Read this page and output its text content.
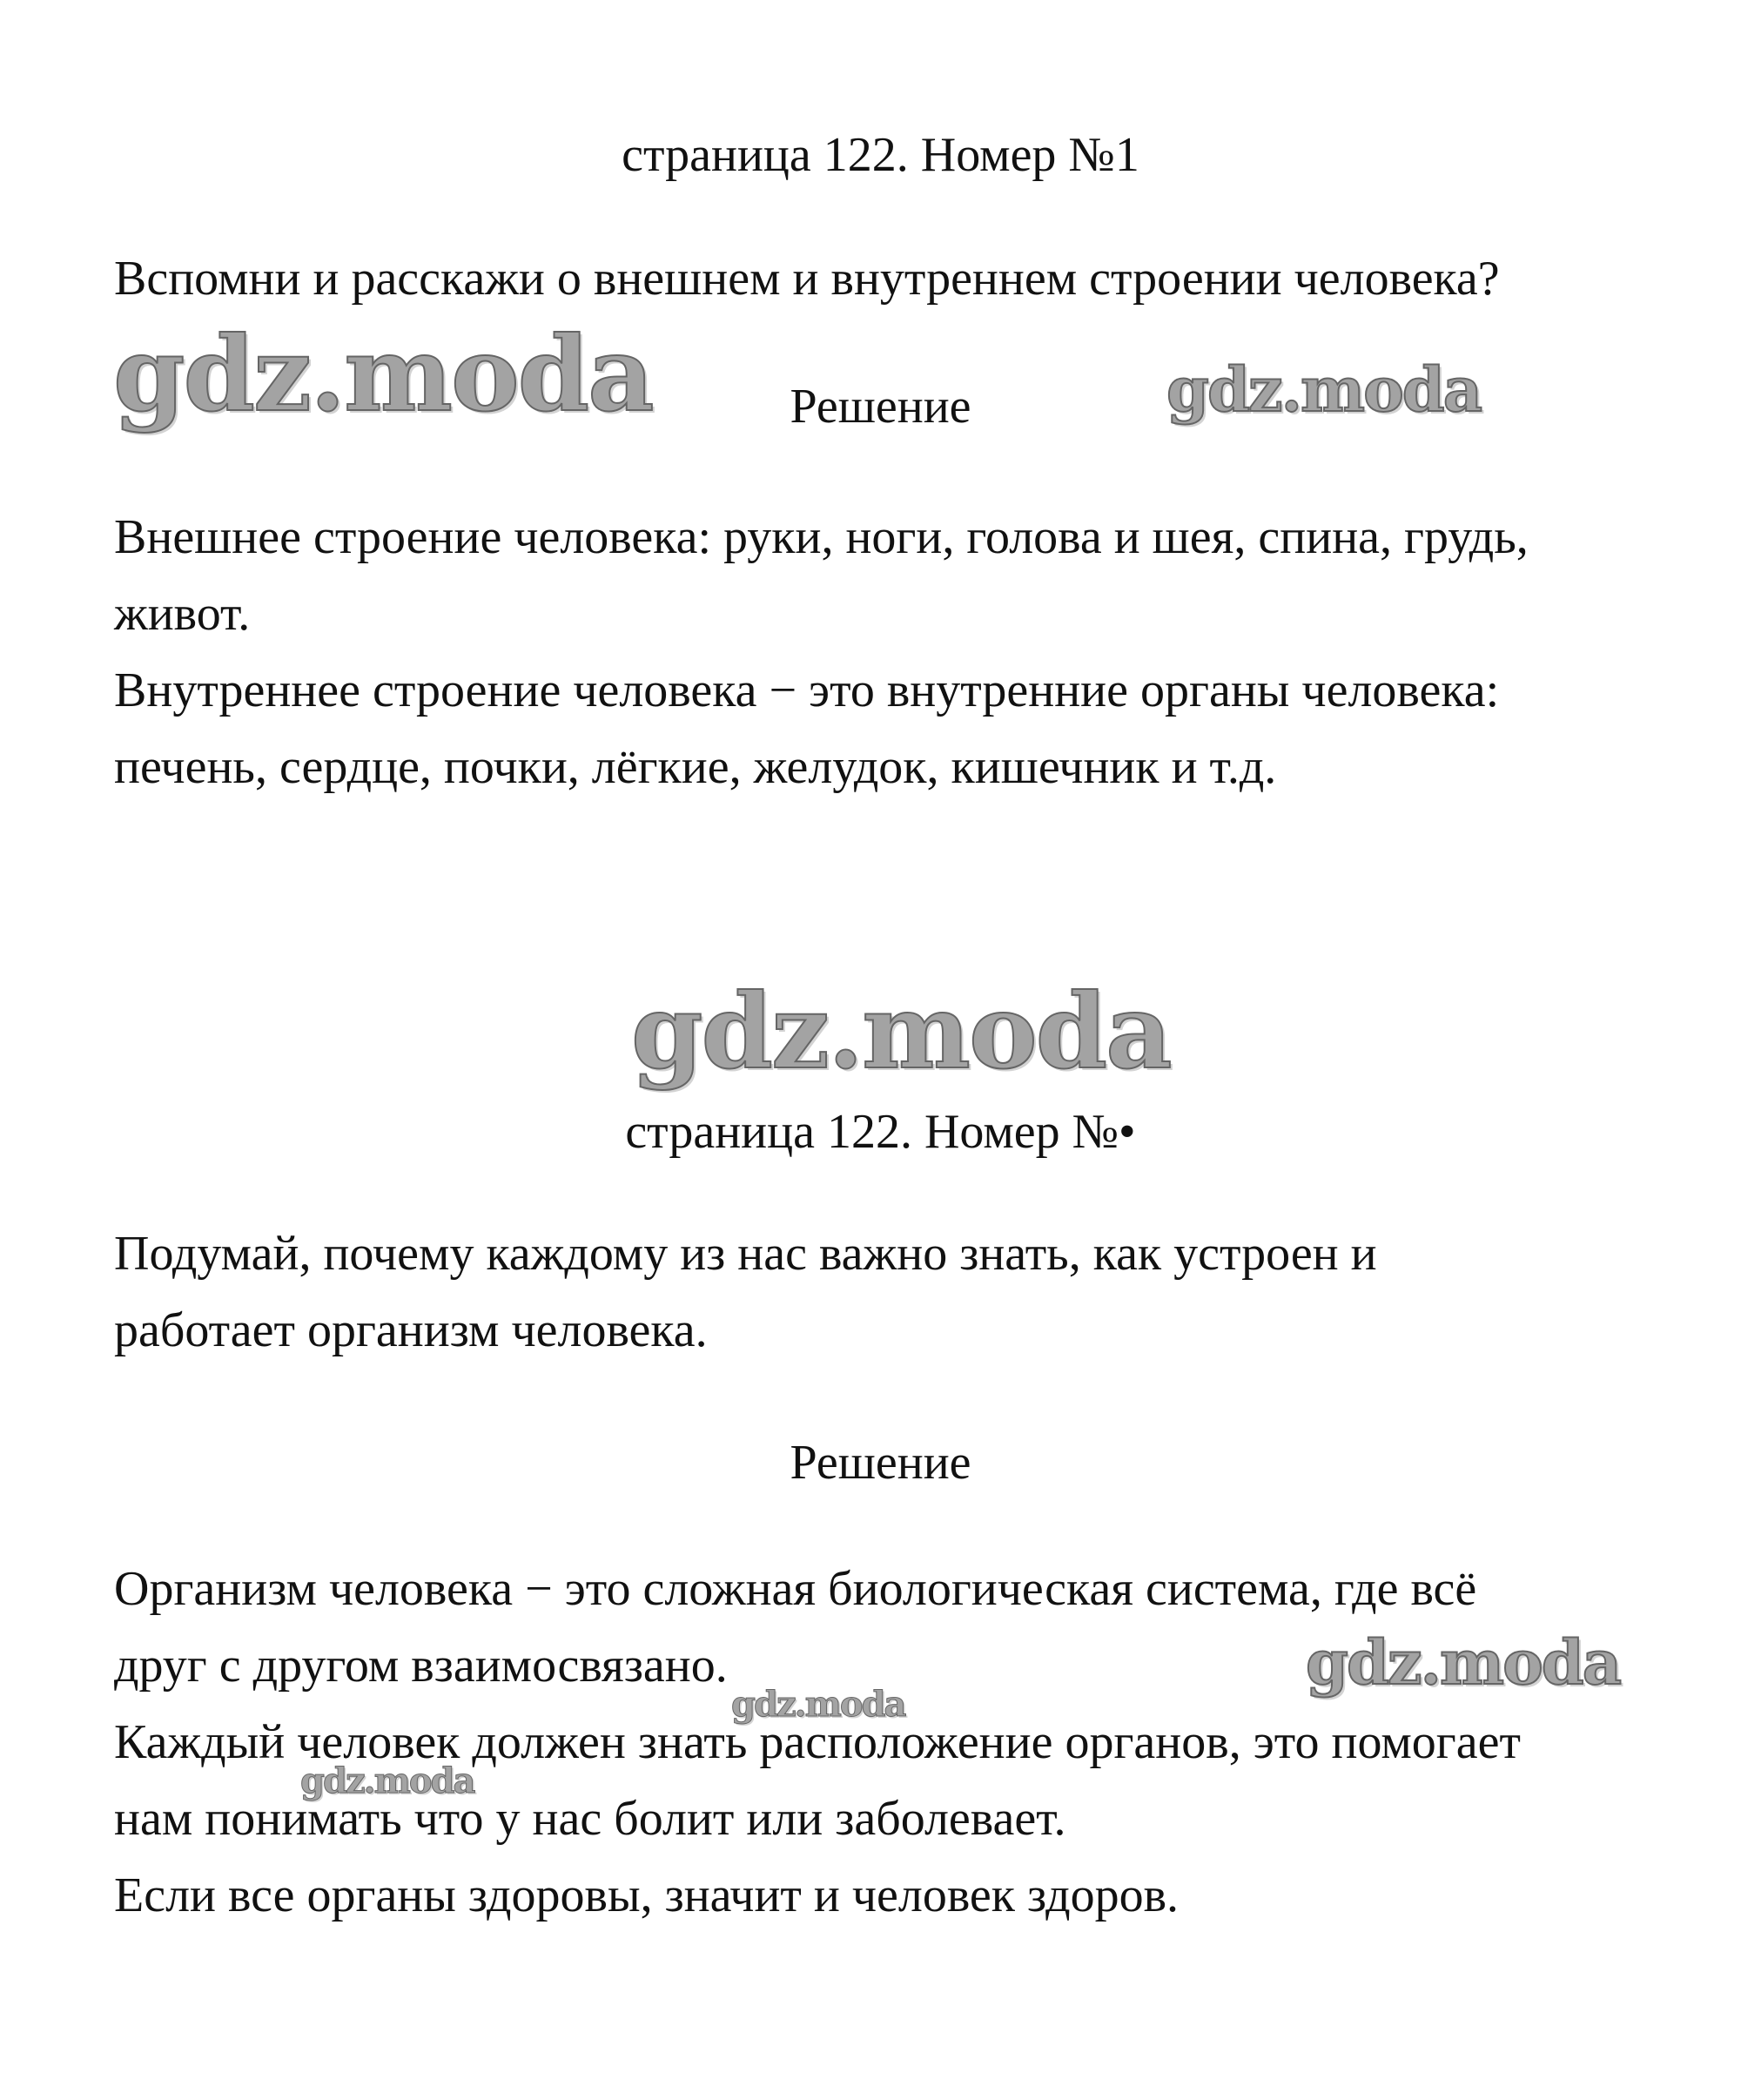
страница 122. Номер №1
Вспомни и расскажи о внешнем и внутреннем строении человека?
gdz.moda	Решение	gdz.moda
Внешнее строение человека: руки, ноги, голова и шея, спина, грудь,
живот.
Внутреннее строение человека − это внутренние органы человека:
печень, сердце, почки, лёгкие, желудок, кишечник и т.д.
gdz.moda
страница 122. Номер №•
Подумай, почему каждому из нас важно знать, как устроен и
работает организм человека.
Решение
Организм человека − это сложная биологическая система, где всё
друг с другом взаимосвязано.	gdz.moda
gdz.moda
Каждый человек должен знать расположение органов, это помогает
gdz.moda
нам понимать что у нас болит или заболевает.
Если все органы здоровы, значит и человек здоров.
